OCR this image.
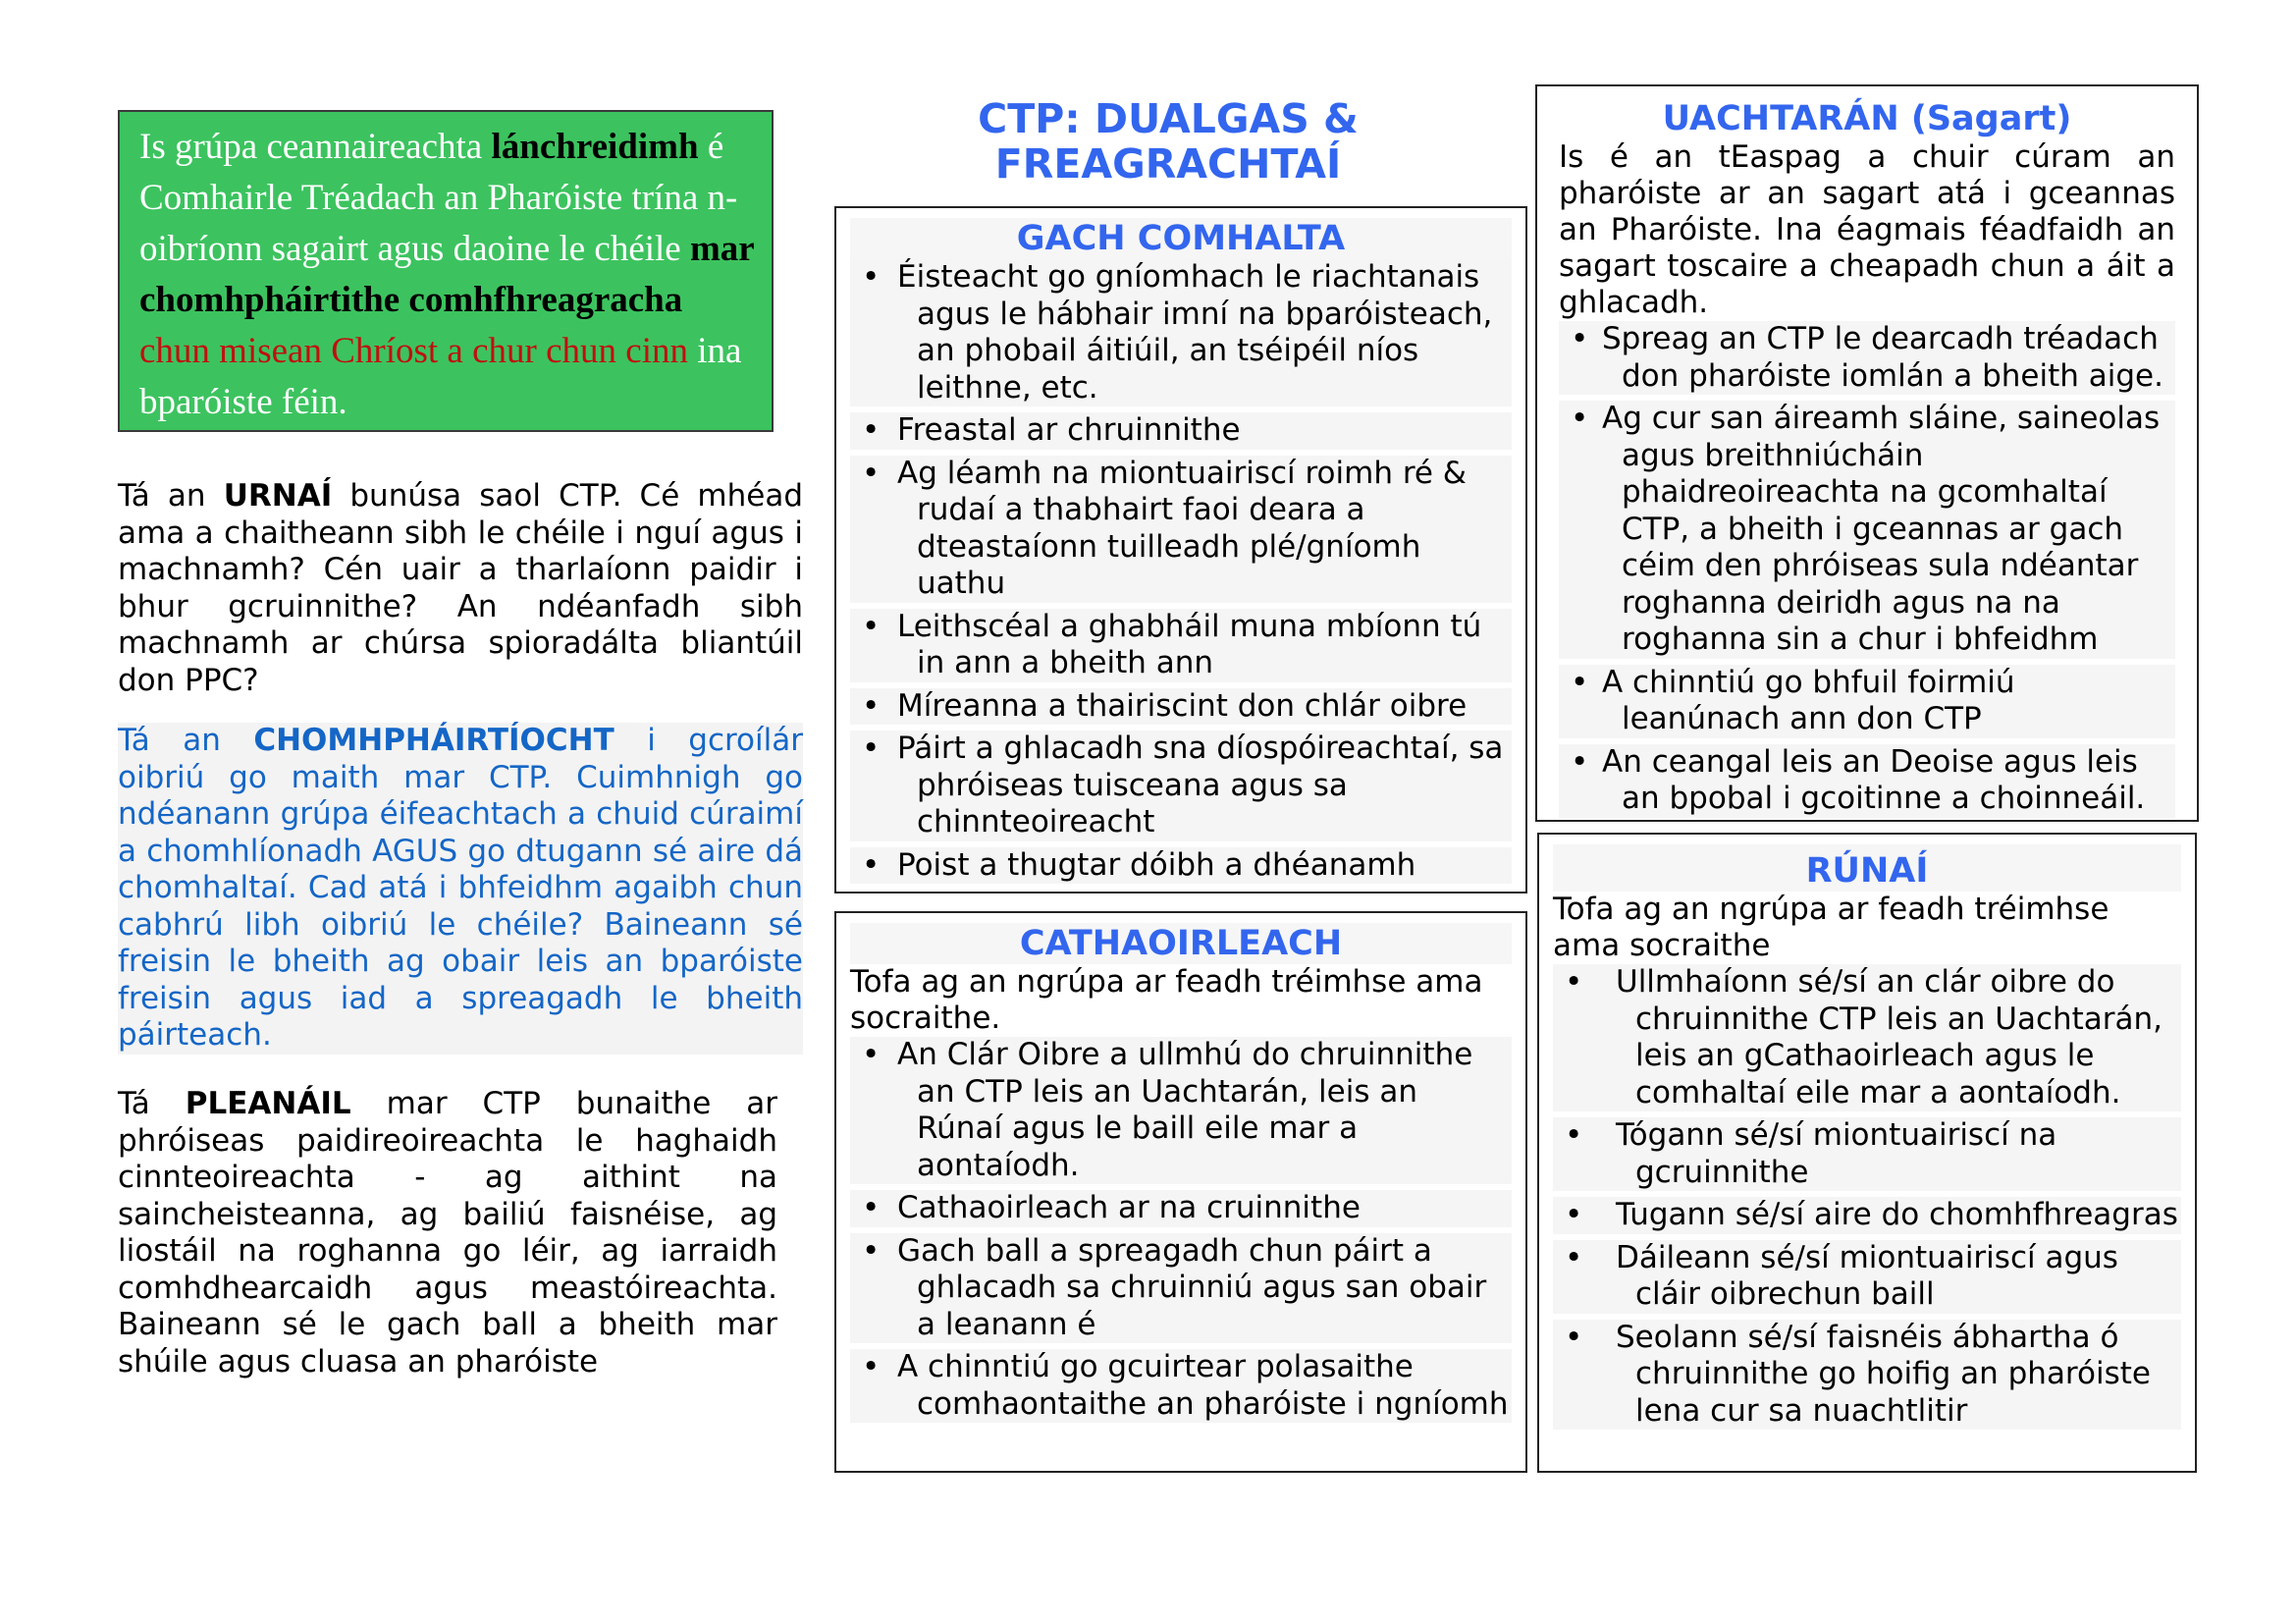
Is grúpa ceannaireachta lánchreidimh é Comhairle Tréadach an Pharóiste trína n-oibríonn sagairt agus daoine le chéile mar chomhpháirtithe comhfhreagracha chun misean Chríost a chur chun cinn ina bparóiste féin.
Tá an URNAÍ bunúsa saol CTP. Cé mhéad ama a chaitheann sibh le chéile i nguí agus i machnamh? Cén uair a tharlaíonn paidir i bhur gcruinnithe? An ndéanfadh sibh machnamh ar chúrsa spioradálta bliantúil don PPC?
Tá an CHOMHPHÁIRTÍOCHT i gcroílár oibriú go maith mar CTP. Cuimhnigh go ndéanann grúpa éifeachtach a chuid cúraimí a chomhlíonadh AGUS go dtugann sé aire dá chomhaltaí. Cad atá i bhfeidhm agaibh chun cabhrú libh oibriú le chéile? Baineann sé freisin le bheith ag obair leis an bparóiste freisin agus iad a spreagadh le bheith páirteach.
Tá PLEANÁIL mar CTP bunaithe ar phróiseas paidireoireachta le haghaidh cinnteoireachta - ag aithint na saincheisteanna, ag bailiú faisnéise, ag liostáil na roghanna go léir, ag iarraidh comhdhearcaidh agus meastóireachta. Baineann sé le gach ball a bheith mar shúile agus cluasa an pharóiste
CTP: DUALGAS & FREAGRACHTAÍ
GACH COMHALTA
• Éisteacht go gníomhach le riachtanais agus le hábhair imní na bparóisteach, an phobail áitiúil, an tséipéil níos leithne, etc.
• Freastal ar chruinnithe
• Ag léamh na miontuairiscí roimh ré & rudaí a thabhairt faoi deara a dteastaíonn tuilleadh plé/gníomh uathu
• Leithscéal a ghabháil muna mbíonn tú in ann a bheith ann
• Míreanna a thairiscint don chlár oibre
• Páirt a ghlacadh sna díospóireachtaí, sa phróiseas tuisceana agus sa chinnteoireacht
• Poist a thugtar dóibh a dhéanamh
CATHAOIRLEACH
Tofa ag an ngrúpa ar feadh tréimhse ama socraithe.
• An Clár Oibre a ullmhú do chruinnithe an CTP leis an Uachtarán, leis an Rúnaí agus le baill eile mar a aontaíodh.
• Cathaoirleach ar na cruinnithe
• Gach ball a spreagadh chun páirt a ghlacadh sa chruinniú agus san obair a leanann é
• A chinntiú go gcuirtear polasaithe comhaontaithe an pharóiste i ngníomh
UACHTARÁN (Sagart)
Is é an tEaspag a chuir cúram an pharóiste ar an sagart atá i gceannas an Pharóiste. Ina éagmais féadfaidh an sagart toscaire a cheapadh chun a áit a ghlacadh.
• Spreag an CTP le dearcadh tréadach don pharóiste iomlán a bheith aige.
• Ag cur san áireamh sláine, saineolas agus breithniúcháin phaidreoireachta na gcomhaltaí CTP, a bheith i gceannas ar gach céim den phróiseas sula ndéantar roghanna deiridh agus na na roghanna sin a chur i bhfeidhm
• A chinntiú go bhfuil foirmiú leanúnach ann don CTP
• An ceangal leis an Deoise agus leis an bpobal i gcoitinne a choinneáil.
RÚNAÍ
Tofa ag an ngrúpa ar feadh tréimhse ama socraithe
• Ullmhaíonn sé/sí an clár oibre do chruinnithe CTP leis an Uachtarán, leis an gCathaoirleach agus le comhaltaí eile mar a aontaíodh.
• Tógann sé/sí miontuairiscí na gcruinnithe
• Tugann sé/sí aire do chomhfhreagras
• Dáileann sé/sí miontuairiscí agus cláir oibrechun baill
• Seolann sé/sí faisnéis ábhartha ó chruinnithe go hoifig an pharóiste lena cur sa nuachtlitir
